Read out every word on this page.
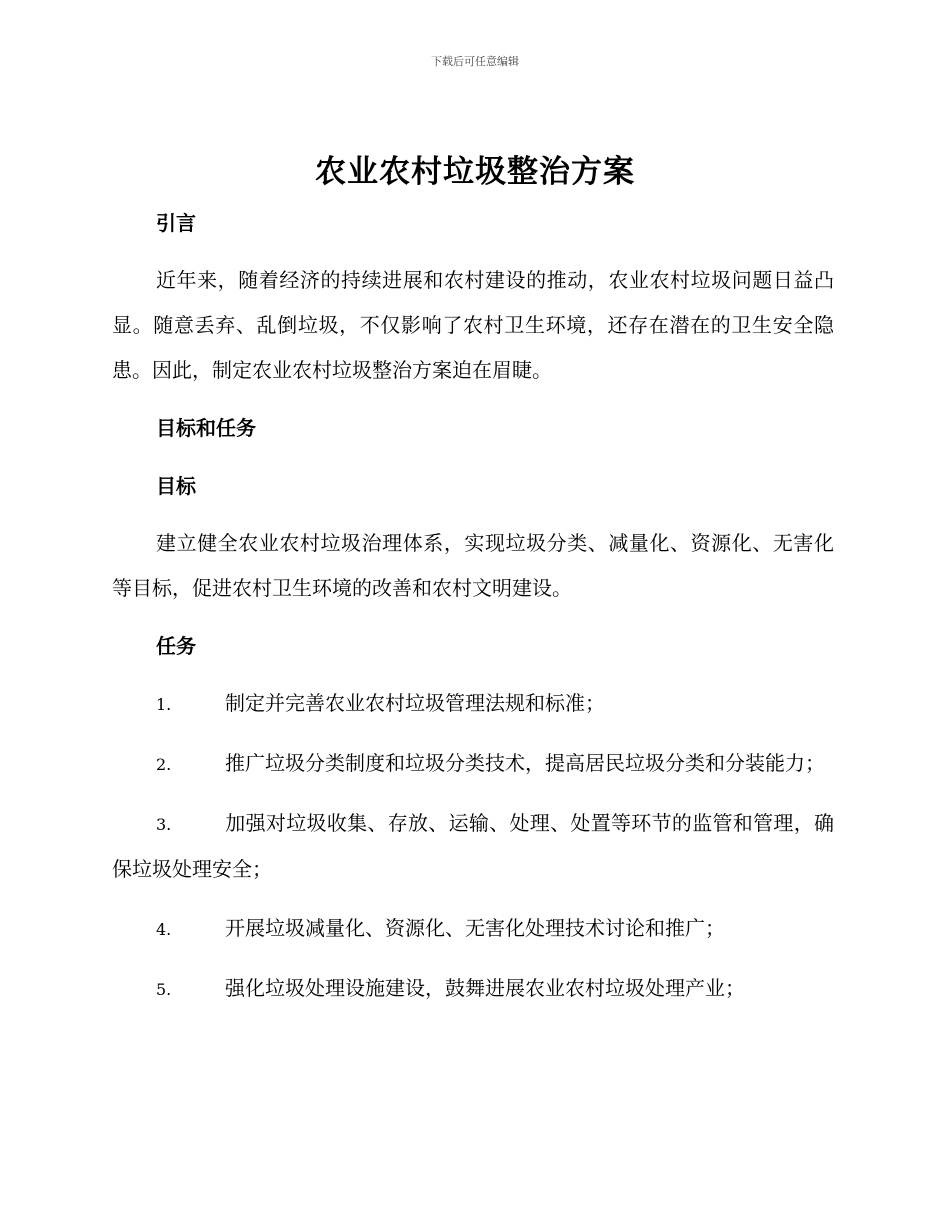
下载后可任意编辑
农业农村垃圾整治方案

引言

近年来，随着经济的持续进展和农村建设的推动，农业农村垃圾问题日益凸显。随意丢弃、乱倒垃圾，不仅影响了农村卫生环境，还存在潜在的卫生安全隐患。因此，制定农业农村垃圾整治方案迫在眉睫。

目标和任务

目标

建立健全农业农村垃圾治理体系，实现垃圾分类、减量化、资源化、无害化等目标，促进农村卫生环境的改善和农村文明建设。

任务

1.	制定并完善农业农村垃圾管理法规和标准；

2.	推广垃圾分类制度和垃圾分类技术，提高居民垃圾分类和分装能力；

3.	加强对垃圾收集、存放、运输、处理、处置等环节的监管和管理，确保垃圾处理安全；

4.	开展垃圾减量化、资源化、无害化处理技术讨论和推广；

5.	强化垃圾处理设施建设，鼓舞进展农业农村垃圾处理产业；
